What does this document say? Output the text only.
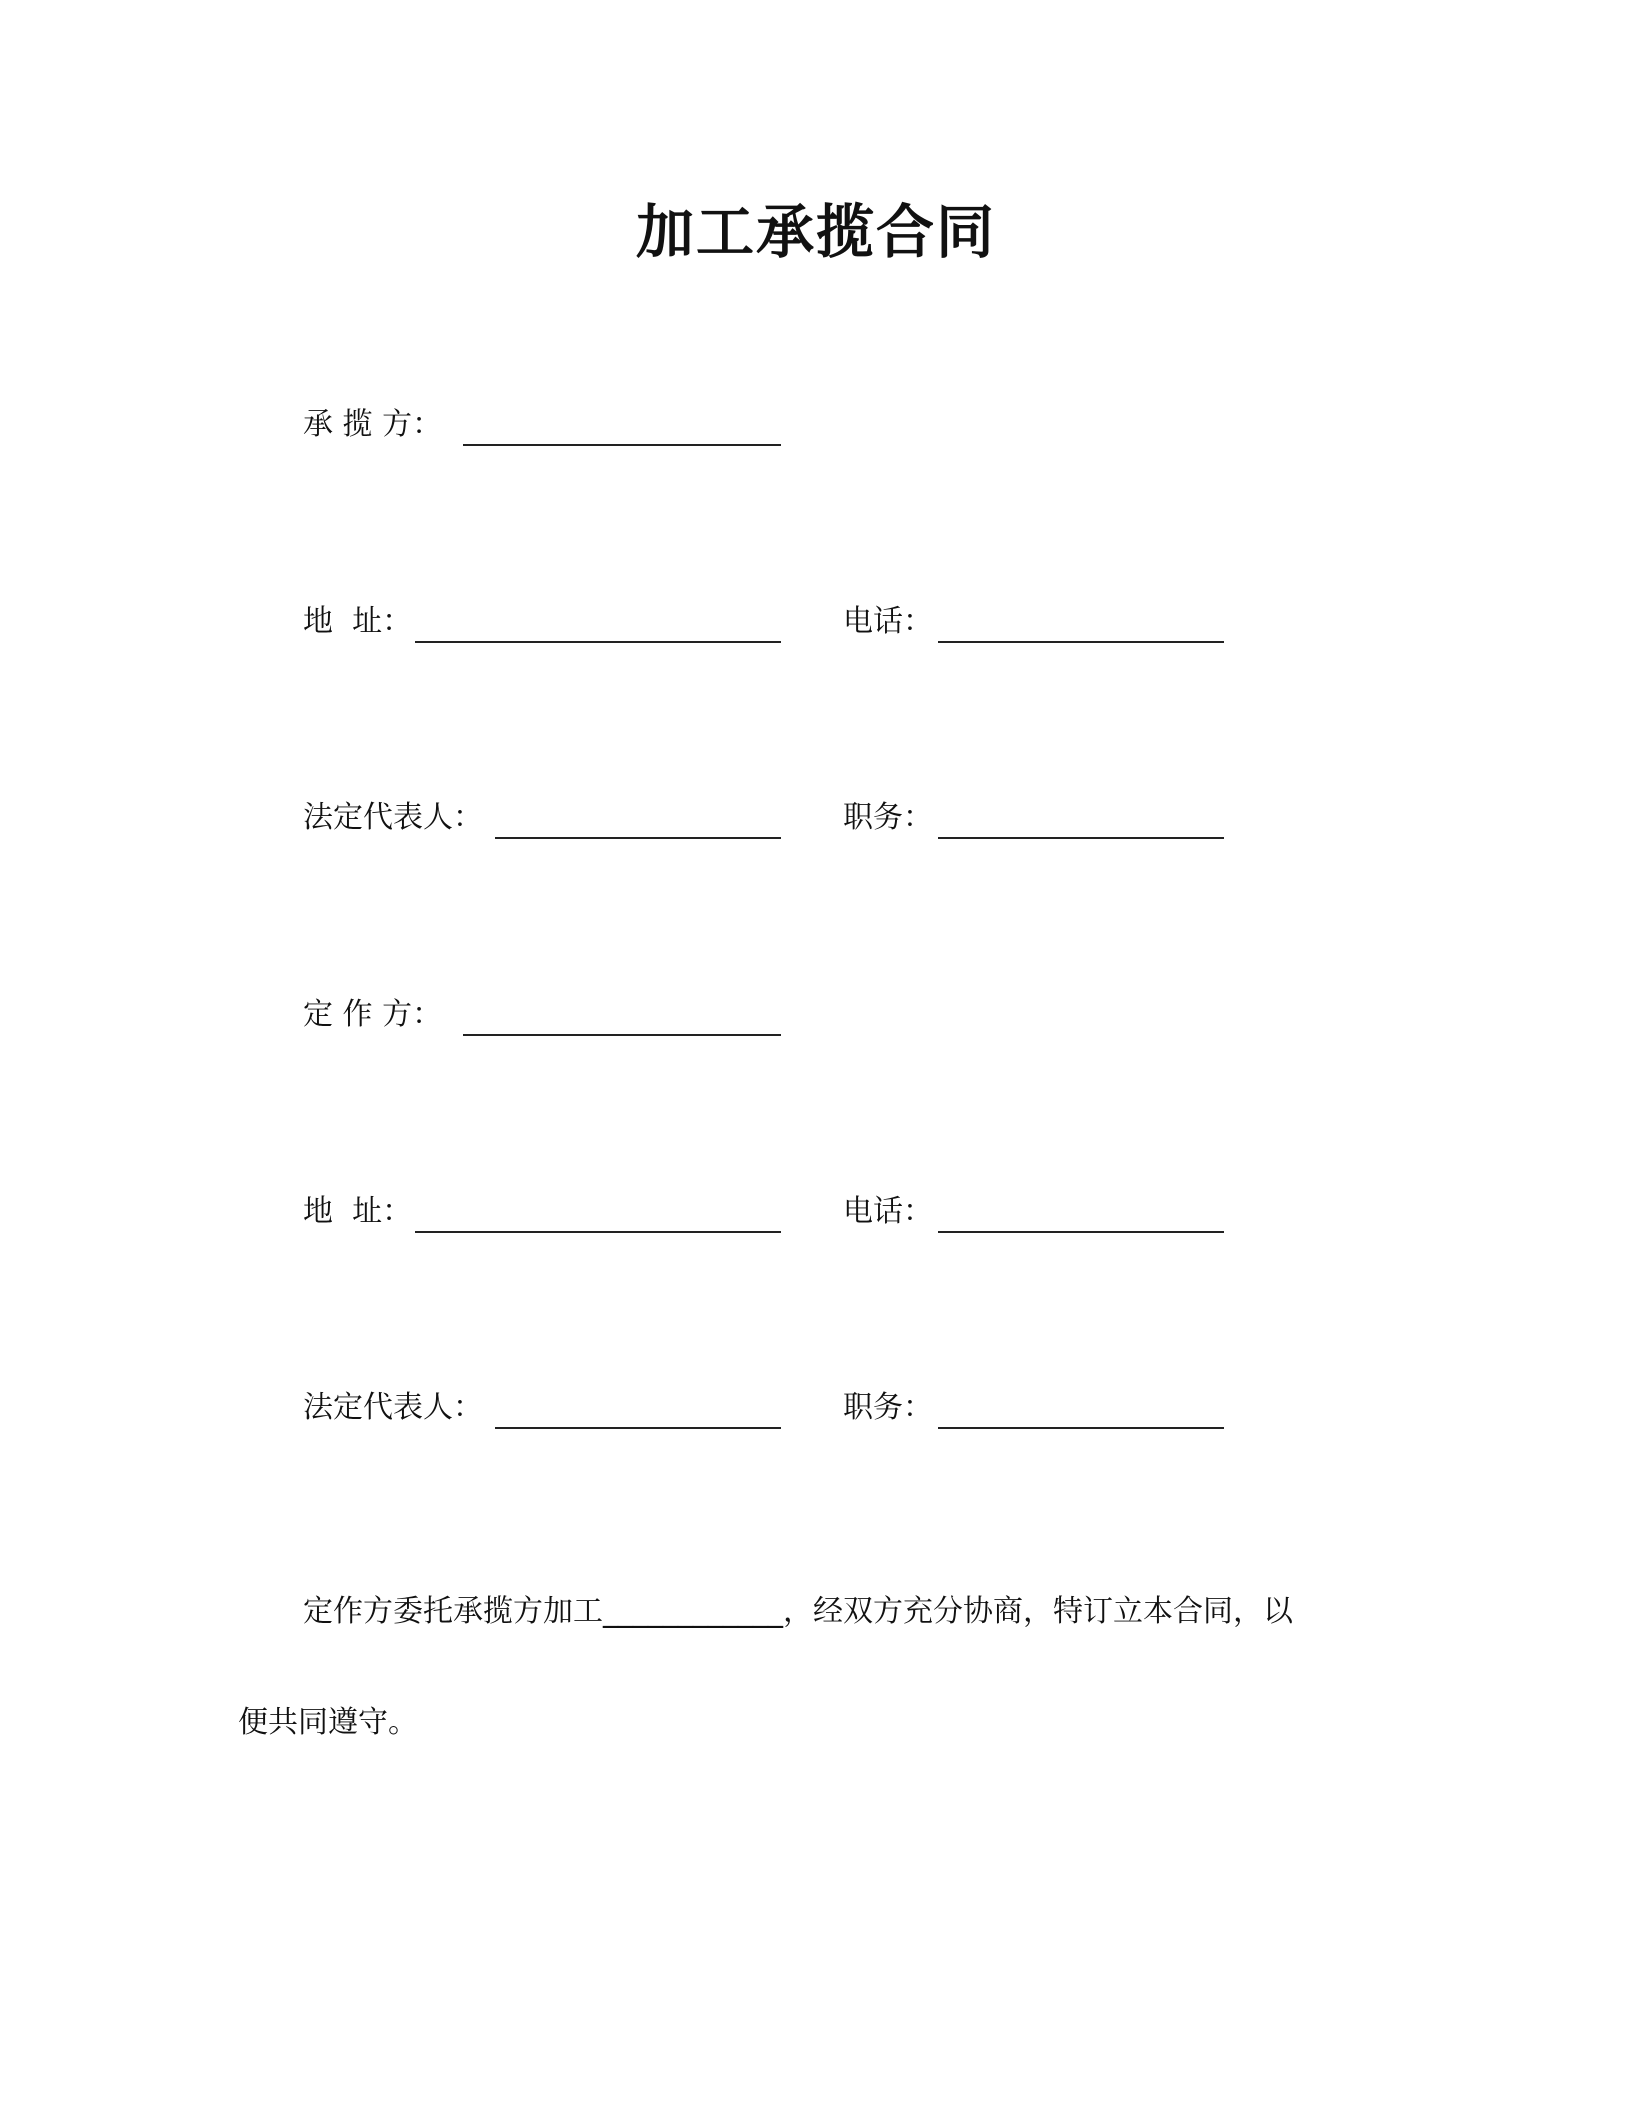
加工承揽合同
承 揽 方：
地  址：	电话：
法定代表人：	职务：
定 作 方：
地  址：	电话：
法定代表人：	职务：
定作方委托承揽方加工____________，经双方充分协商，特订立本合同，以
便共同遵守。
